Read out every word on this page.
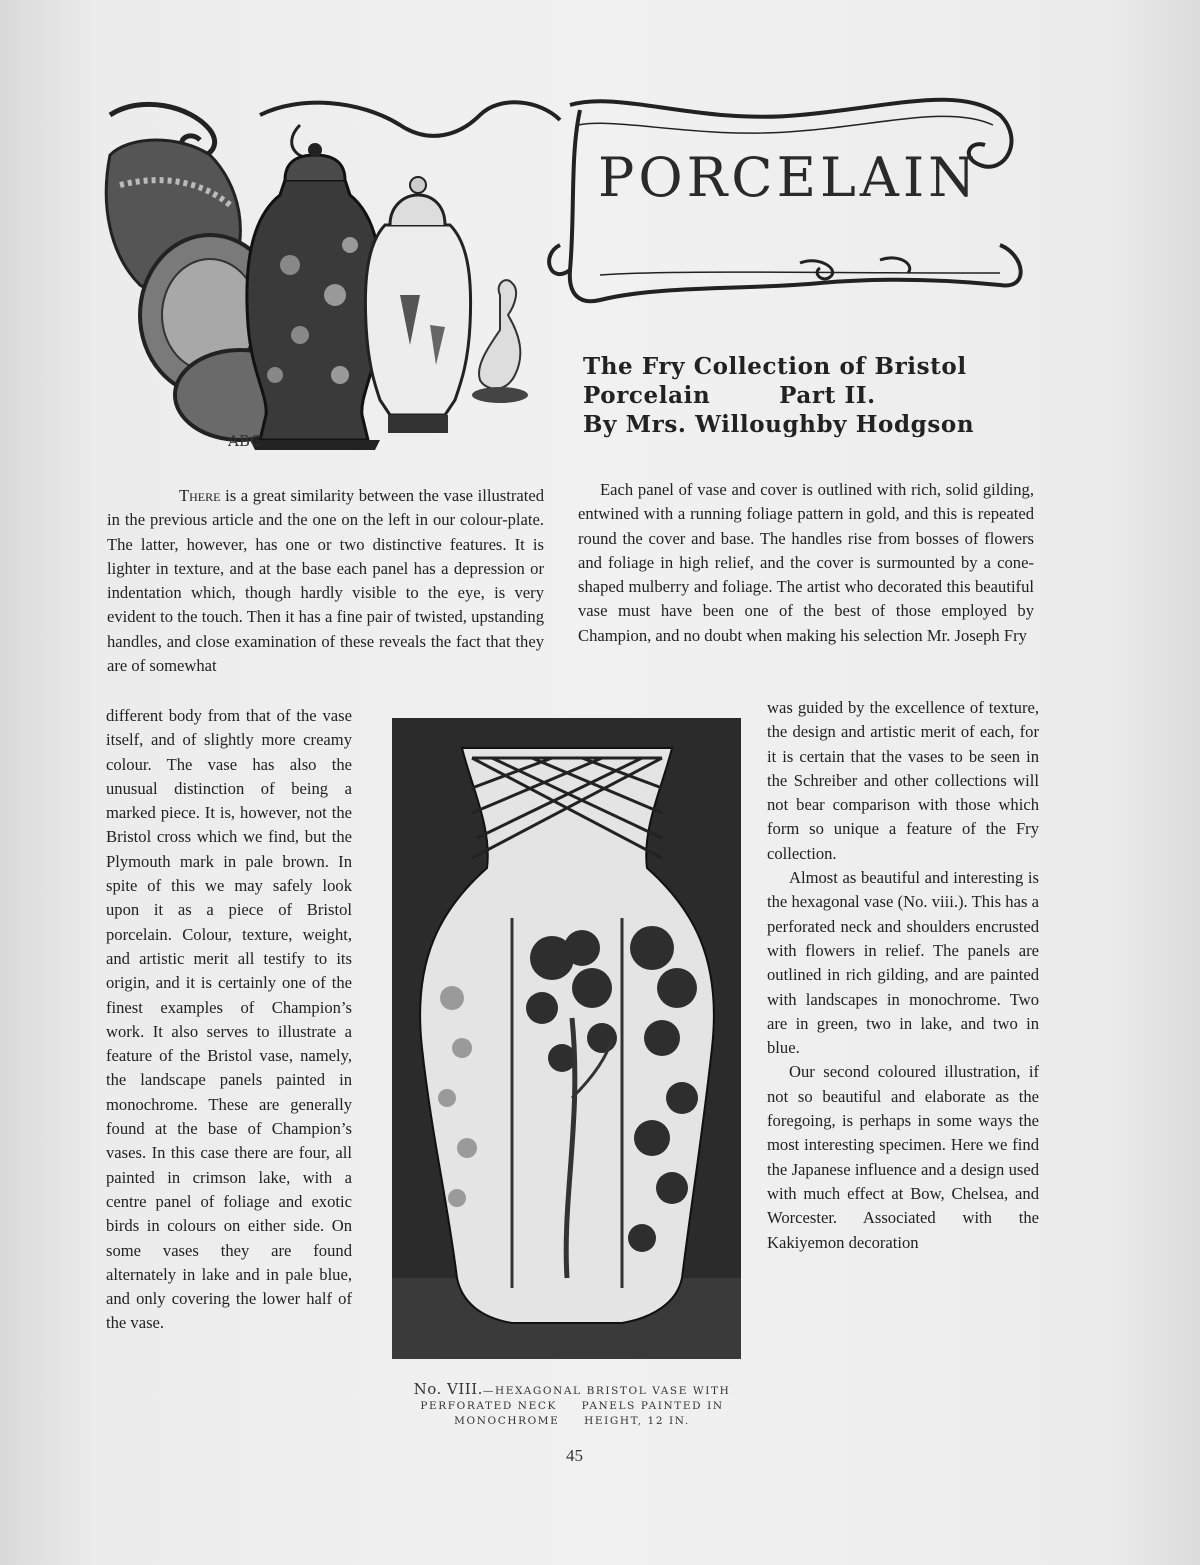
PORCELAIN
ABC
The Fry Collection of Bristol
Porcelain        Part II.
By Mrs. Willoughby Hodgson

There is a great similarity between the vase illustrated in the previous article and the one on the left in our colour-plate. The latter, however, has one or two distinctive features. It is lighter in texture, and at the base each panel has a depression or indentation which, though hardly visible to the eye, is very evident to the touch. Then it has a fine pair of twisted, upstanding handles, and close examination of these reveals the fact that they are of somewhat

Each panel of vase and cover is outlined with rich, solid gilding, entwined with a running foliage pattern in gold, and this is repeated round the cover and base. The handles rise from bosses of flowers and foliage in high relief, and the cover is surmounted by a cone-shaped mulberry and foliage. The artist who decorated this beautiful vase must have been one of the best of those employed by Champion, and no doubt when making his selection Mr. Joseph Fry

different body from that of the vase itself, and of slightly more creamy colour. The vase has also the unusual distinction of being a marked piece. It is, however, not the Bristol cross which we find, but the Plymouth mark in pale brown. In spite of this we may safely look upon it as a piece of Bristol porcelain. Colour, texture, weight, and artistic merit all testify to its origin, and it is certainly one of the finest examples of Champion’s work. It also serves to illustrate a feature of the Bristol vase, namely, the landscape panels painted in monochrome. These are generally found at the base of Champion’s vases. In this case there are four, all painted in crimson lake, with a centre panel of foliage and exotic birds in colours on either side. On some vases they are found alternately in lake and in pale blue, and only covering the lower half of the vase.

was guided by the excellence of texture, the design and artistic merit of each, for it is certain that the vases to be seen in the Schreiber and other collections will not bear comparison with those which form so unique a feature of the Fry collection.

Almost as beautiful and interesting is the hexagonal vase (No. viii.). This has a perforated neck and shoulders encrusted with flowers in relief. The panels are outlined in rich gilding, and are painted with landscapes in monochrome. Two are in green, two in lake, and two in blue.

Our second coloured illustration, if not so beautiful and elaborate as the foregoing, is perhaps in some ways the most interesting specimen. Here we find the Japanese influence and a design used with much effect at Bow, Chelsea, and Worcester. Associated with the Kakiyemon decoration

No. VIII.—HEXAGONAL BRISTOL VASE WITH
PERFORATED NECK     PANELS PAINTED IN
MONOCHROME     HEIGHT, 12 IN.
45
